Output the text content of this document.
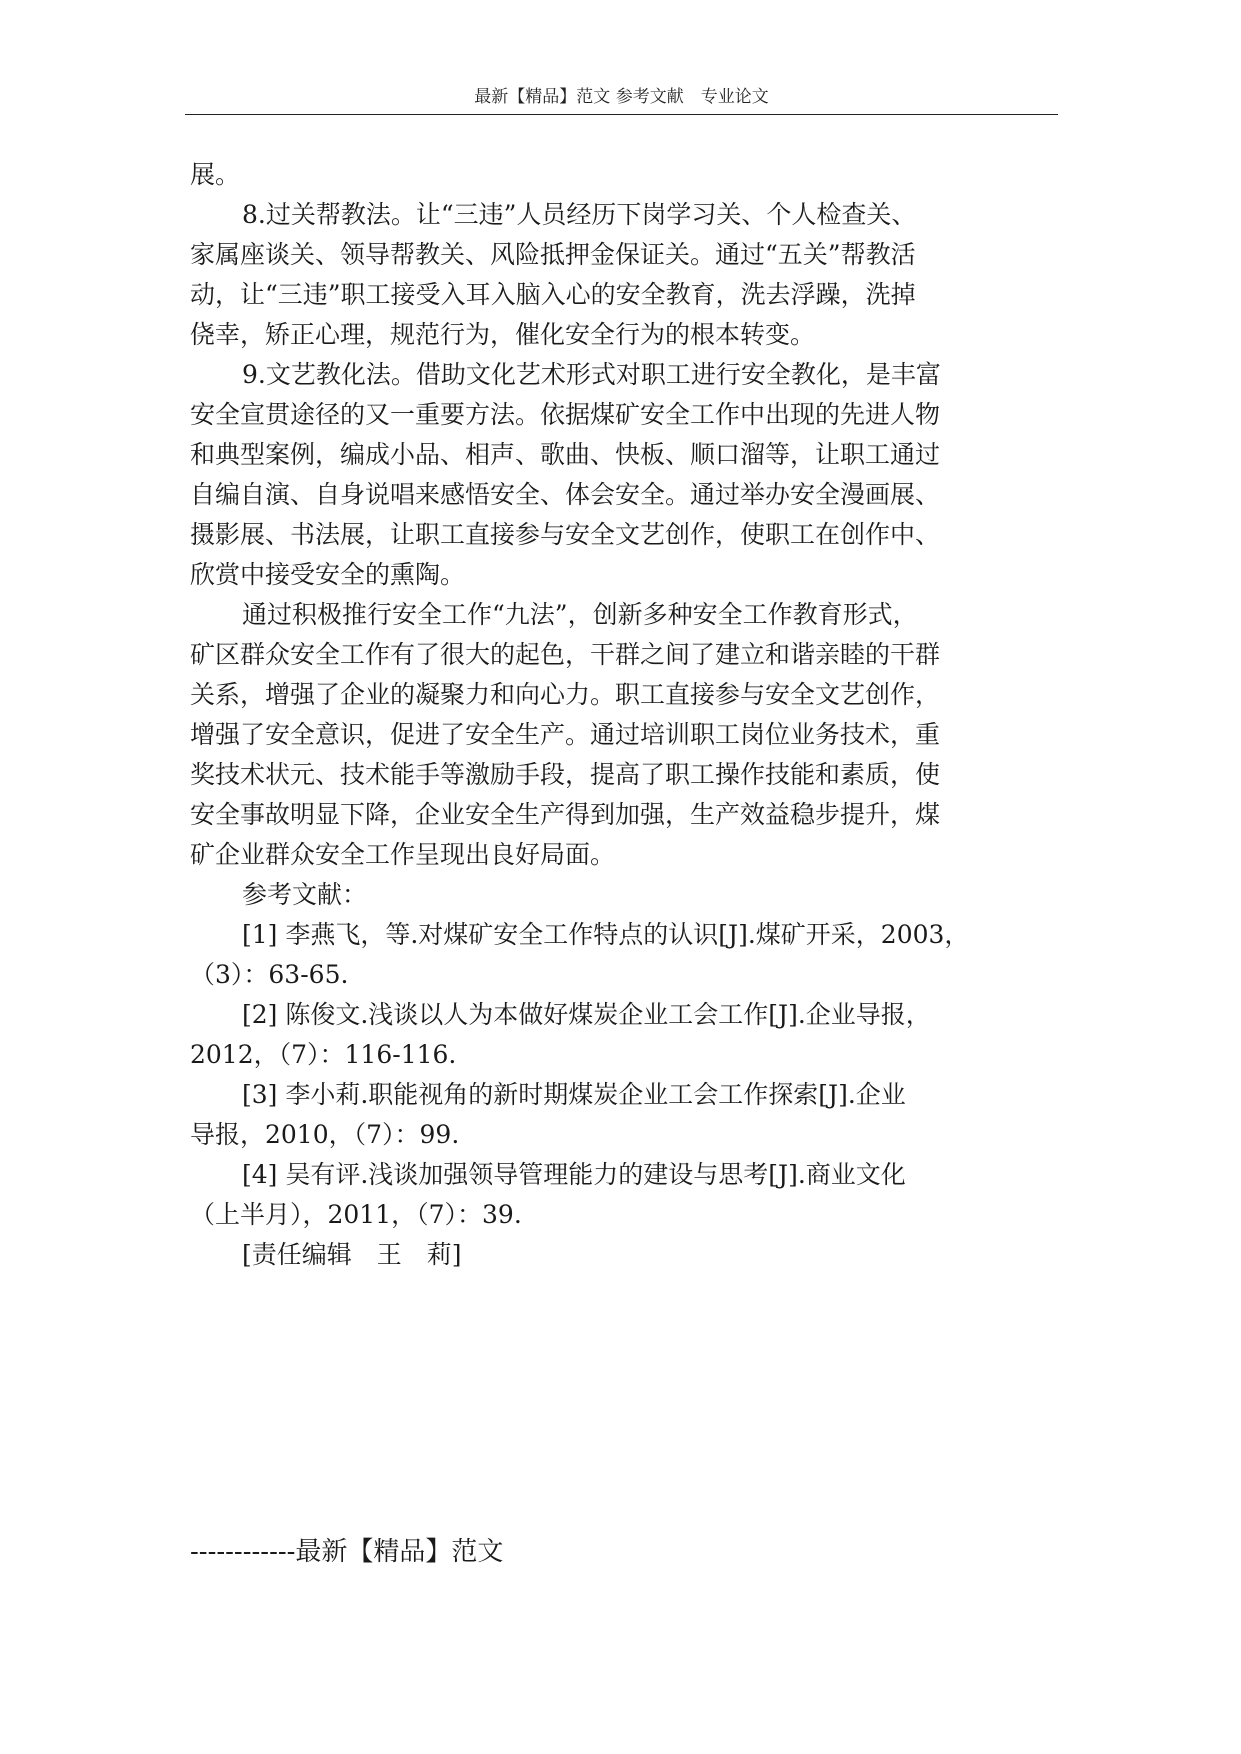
最新【精品】范文 参考文献　专业论文
展。
8.过关帮教法。让“三违”人员经历下岗学习关、个人检查关、
家属座谈关、领导帮教关、风险抵押金保证关。通过“五关”帮教活
动，让“三违”职工接受入耳入脑入心的安全教育，洗去浮躁，洗掉
侥幸，矫正心理，规范行为，催化安全行为的根本转变。
9.文艺教化法。借助文化艺术形式对职工进行安全教化，是丰富
安全宣贯途径的又一重要方法。依据煤矿安全工作中出现的先进人物
和典型案例，编成小品、相声、歌曲、快板、顺口溜等，让职工通过
自编自演、自身说唱来感悟安全、体会安全。通过举办安全漫画展、
摄影展、书法展，让职工直接参与安全文艺创作，使职工在创作中、
欣赏中接受安全的熏陶。
通过积极推行安全工作“九法”，创新多种安全工作教育形式，
矿区群众安全工作有了很大的起色，干群之间了建立和谐亲睦的干群
关系，增强了企业的凝聚力和向心力。职工直接参与安全文艺创作，
增强了安全意识，促进了安全生产。通过培训职工岗位业务技术，重
奖技术状元、技术能手等激励手段，提高了职工操作技能和素质，使
安全事故明显下降，企业安全生产得到加强，生产效益稳步提升，煤
矿企业群众安全工作呈现出良好局面。
参考文献：
[1] 李燕飞，等.对煤矿安全工作特点的认识[J].煤矿开采，2003，
（3）：63-65.
[2] 陈俊文.浅谈以人为本做好煤炭企业工会工作[J].企业导报，
2012，（7）：116-116.
[3] 李小莉.职能视角的新时期煤炭企业工会工作探索[J].企业
导报，2010，（7）：99.
[4] 吴有评.浅谈加强领导管理能力的建设与思考[J].商业文化
（上半月），2011，（7）：39.
[责任编辑　王　莉]
------------最新【精品】范文
